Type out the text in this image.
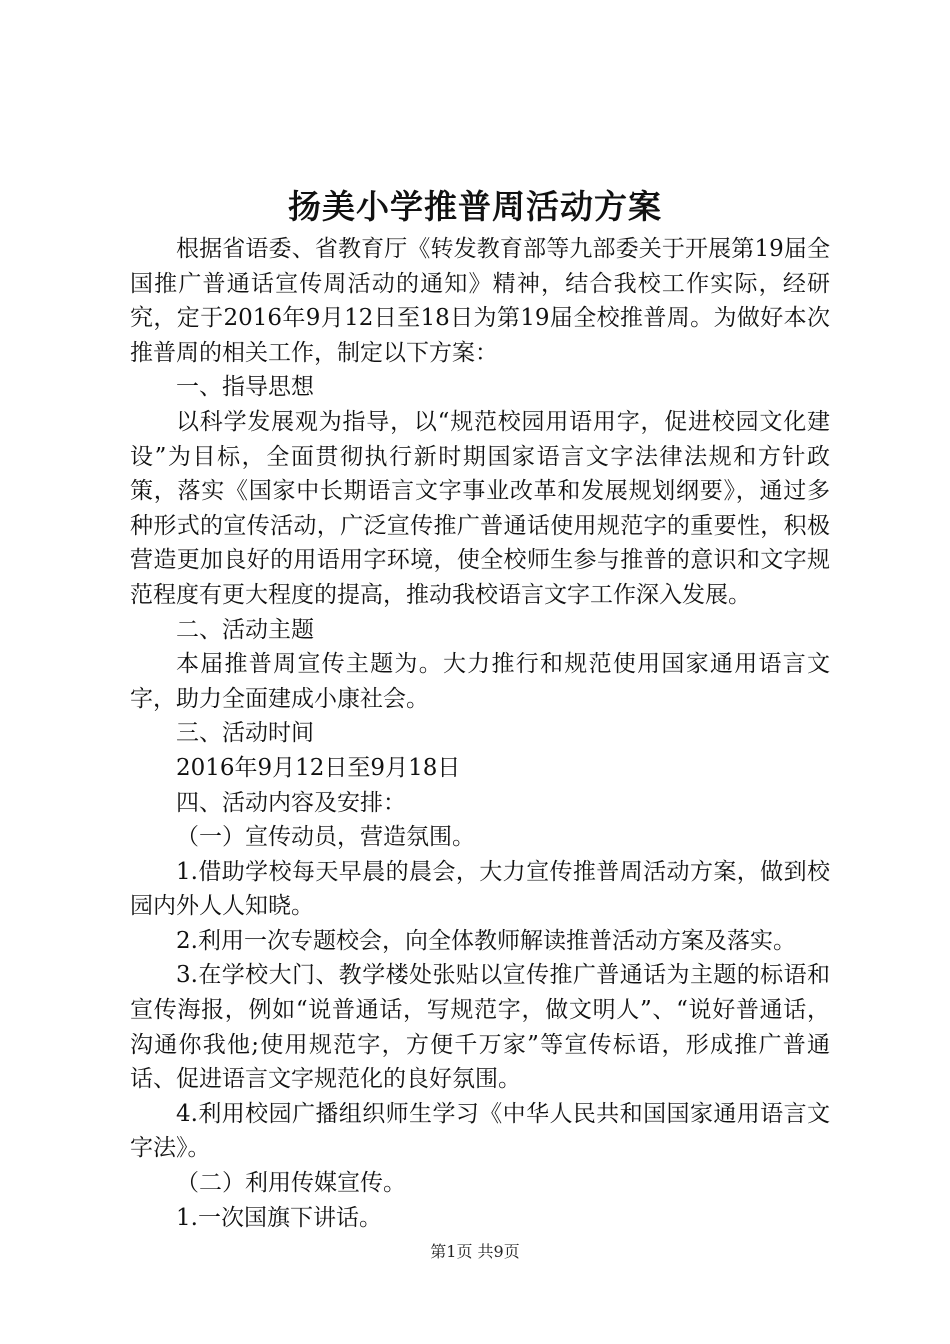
扬美小学推普周活动方案

根据省语委、省教育厅《转发教育部等九部委关于开展第19届全国推广普通话宣传周活动的通知》精神，结合我校工作实际，经研究，定于2016年9月12日至18日为第19届全校推普周。为做好本次推普周的相关工作，制定以下方案：

一、指导思想

以科学发展观为指导，以“规范校园用语用字，促进校园文化建设”为目标，全面贯彻执行新时期国家语言文字法律法规和方针政策，落实《国家中长期语言文字事业改革和发展规划纲要》，通过多种形式的宣传活动，广泛宣传推广普通话使用规范字的重要性，积极营造更加良好的用语用字环境，使全校师生参与推普的意识和文字规范程度有更大程度的提高，推动我校语言文字工作深入发展。

二、活动主题

本届推普周宣传主题为。大力推行和规范使用国家通用语言文字，助力全面建成小康社会。

三、活动时间

2016年9月12日至9月18日

四、活动内容及安排：

（一）宣传动员，营造氛围。

1.借助学校每天早晨的晨会，大力宣传推普周活动方案，做到校园内外人人知晓。

2.利用一次专题校会，向全体教师解读推普活动方案及落实。

3.在学校大门、教学楼处张贴以宣传推广普通话为主题的标语和宣传海报，例如“说普通话，写规范字，做文明人”、“说好普通话，沟通你我他;使用规范字，方便千万家”等宣传标语，形成推广普通话、促进语言文字规范化的良好氛围。

4.利用校园广播组织师生学习《中华人民共和国国家通用语言文字法》。

（二）利用传媒宣传。

1.一次国旗下讲话。

第1页 共9页
